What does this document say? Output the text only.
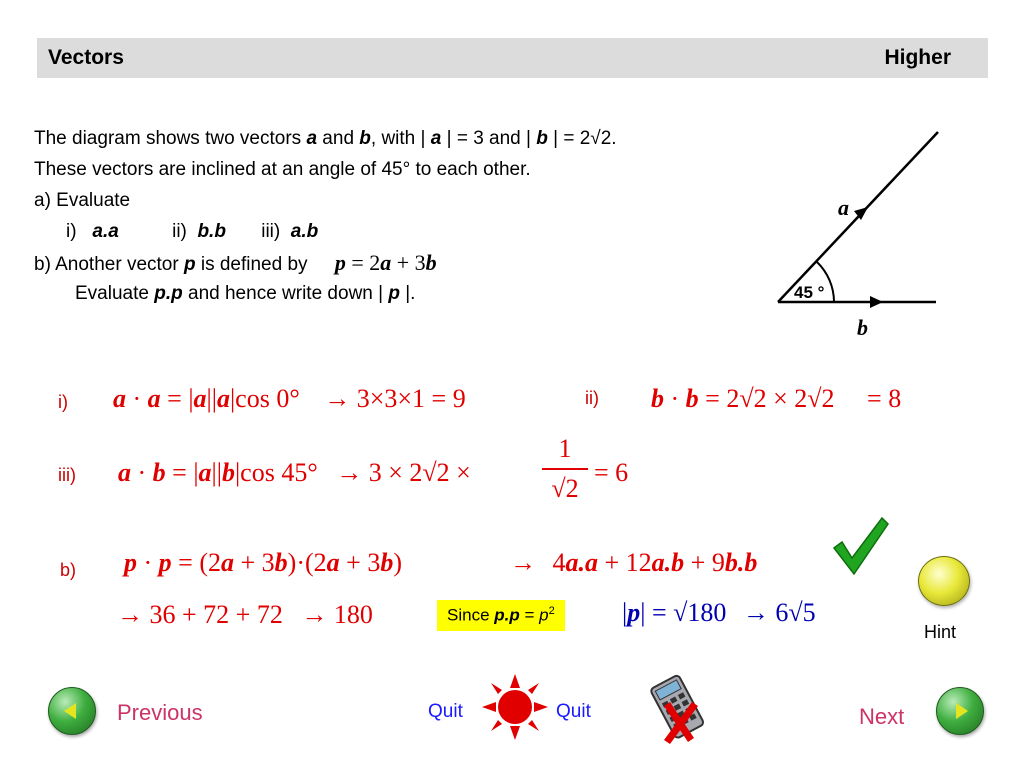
Vectors	Higher
The diagram shows two vectors a and b, with | a | = 3 and | b | = 2√2.
These vectors are inclined at an angle of 45° to each other.
a) Evaluate
i) a.a	ii) b.b iii) a.b
b) Another vector p is defined by p = 2a + 3b
Evaluate p.p and hence write down | p |.
a
b
45 °
i) a · a = |a||a|cos 0° → 3×3×1 = 9	ii) b · b = 2√2 × 2√2 = 8
iii) a · b = |a||b|cos 45° → 3 × 2√2 ×
1
√2
= 6
b) p · p = (2a + 3b)·(2a + 3b)	→ 4a.a + 12a.b + 9b.b
→ 36 + 72 + 72 → 180	Since $p.p = p^2$	|p| = √180 → 6√5
Hint
Previous	Quit	Quit	Next
